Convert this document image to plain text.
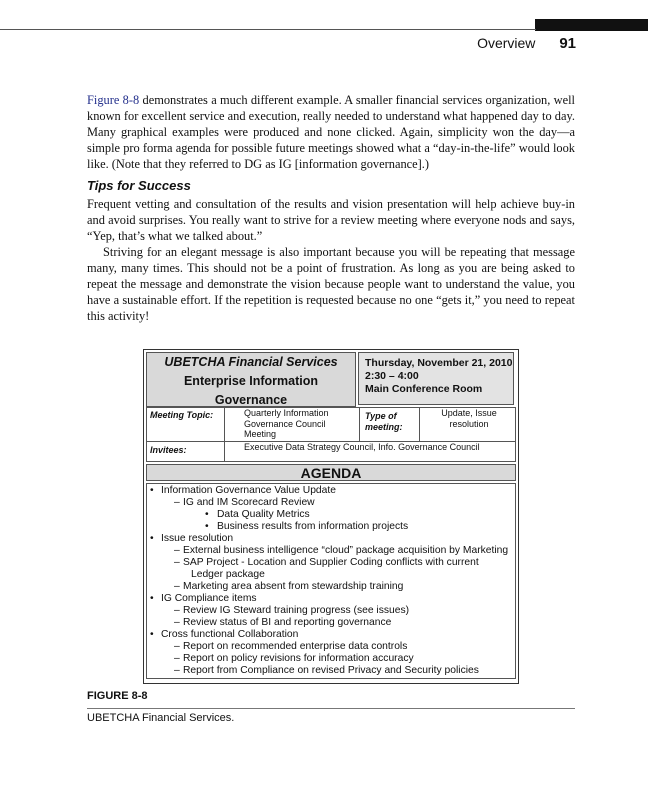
Overview 91

Figure 8-8 demonstrates a much different example. A smaller financial services organization, well known for excellent service and execution, really needed to understand what happened day to day. Many graphical examples were produced and none clicked. Again, simplicity won the day—a simple pro forma agenda for possible future meetings showed what a “day-in-the-life” would look like. (Note that they referred to DG as IG [information governance].)

Tips for Success

Frequent vetting and consultation of the results and vision presentation will help achieve buy-in and avoid surprises. You really want to strive for a review meeting where everyone nods and says, “Yep, that’s what we talked about.”

Striving for an elegant message is also important because you will be repeating that message many, many times. This should not be a point of frustration. As long as you are being asked to repeat the message and demonstrate the vision because people want to understand the value, you have a sustainable effort. If the repetition is requested because no one “gets it,” you need to repeat this activity!

UBETCHA Financial Services
Enterprise Information
Governance
Thursday, November 21, 2010
2:30 – 4:00
Main Conference Room
Meeting Topic:	Quarterly Information Governance Council Meeting
Type of meeting:
Update, Issue resolution
Invitees:	Executive Data Strategy Council, Info. Governance Council
AGENDA
• Information Governance Value Update
– IG and IM Scorecard Review
• Data Quality Metrics
• Business results from information projects
• Issue resolution
– External business intelligence “cloud” package acquisition by Marketing
– SAP Project - Location and Supplier Coding conflicts with current
Ledger package
– Marketing area absent from stewardship training
• IG Compliance items
– Review IG Steward training progress (see issues)
– Review status of BI and reporting governance
• Cross functional Collaboration
– Report on recommended enterprise data controls
– Report on policy revisions for information accuracy
– Report from Compliance on revised Privacy and Security policies
FIGURE 8-8
UBETCHA Financial Services.
